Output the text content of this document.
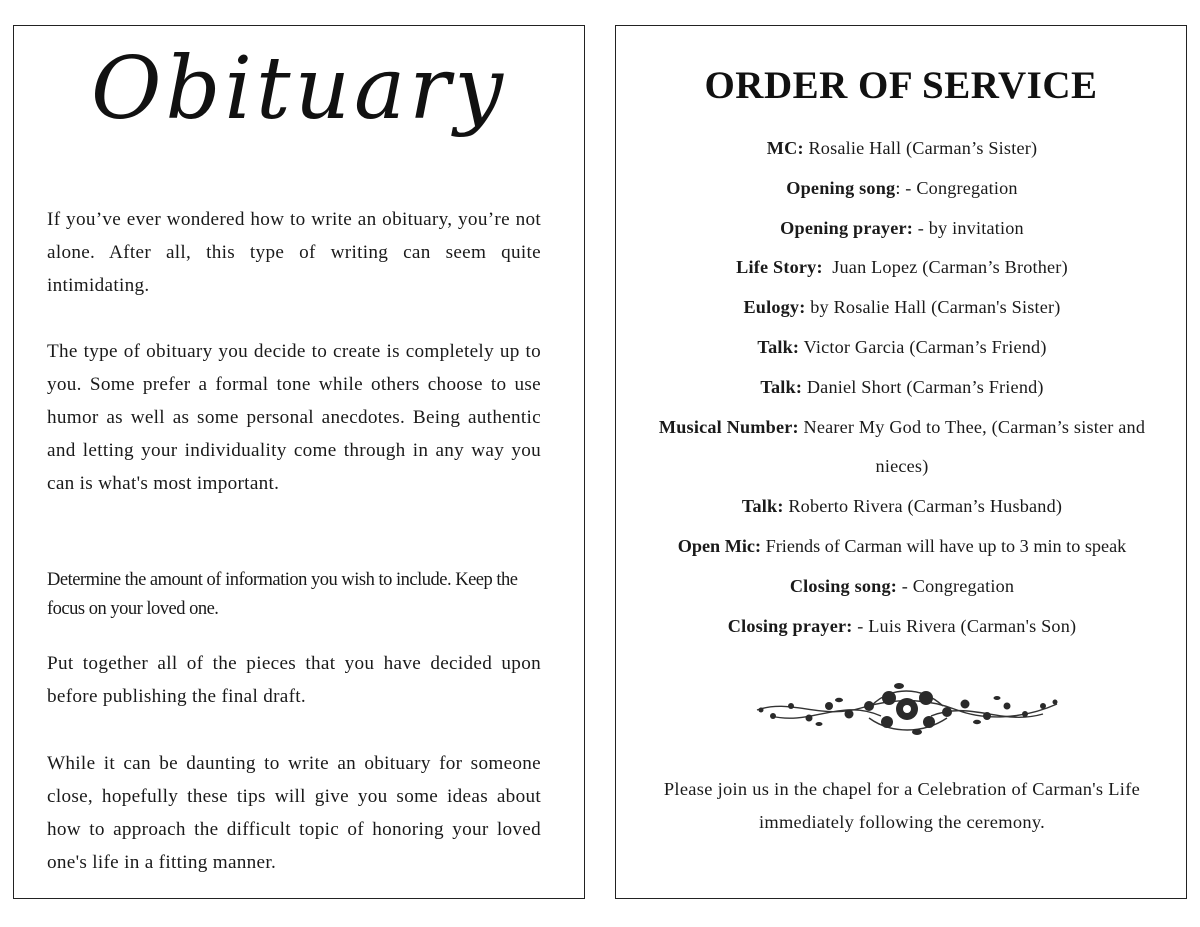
Obituary

If you’ve ever wondered how to write an obituary, you’re not alone. After all, this type of writing can seem quite intimidating.

The type of obituary you decide to create is completely up to you. Some prefer a formal tone while others choose to use humor as well as some personal anecdotes. Being authentic and letting your individuality come through in any way you can is what's most important.

Determine the amount of information you wish to include. Keep the focus on your loved one.

Put together all of the pieces that you have decided upon before publishing the final draft.

While it can be daunting to write an obituary for someone close, hopefully these tips will give you some ideas about how to approach the difficult topic of honoring your loved one's life in a fitting manner.

ORDER OF SERVICE
MC: Rosalie Hall (Carman’s Sister)
Opening song: - Congregation
Opening prayer: - by invitation
Life Story:  Juan Lopez (Carman’s Brother)
Eulogy: by Rosalie Hall (Carman's Sister)
Talk: Victor Garcia (Carman’s Friend)
Talk: Daniel Short (Carman’s Friend)
Musical Number: Nearer My God to Thee, (Carman’s sister and nieces)
Talk: Roberto Rivera (Carman’s Husband)
Open Mic: Friends of Carman will have up to 3 min to speak
Closing song: - Congregation
Closing prayer: - Luis Rivera (Carman's Son)
Please join us in the chapel for a Celebration of Carman's Life immediately following the ceremony.
